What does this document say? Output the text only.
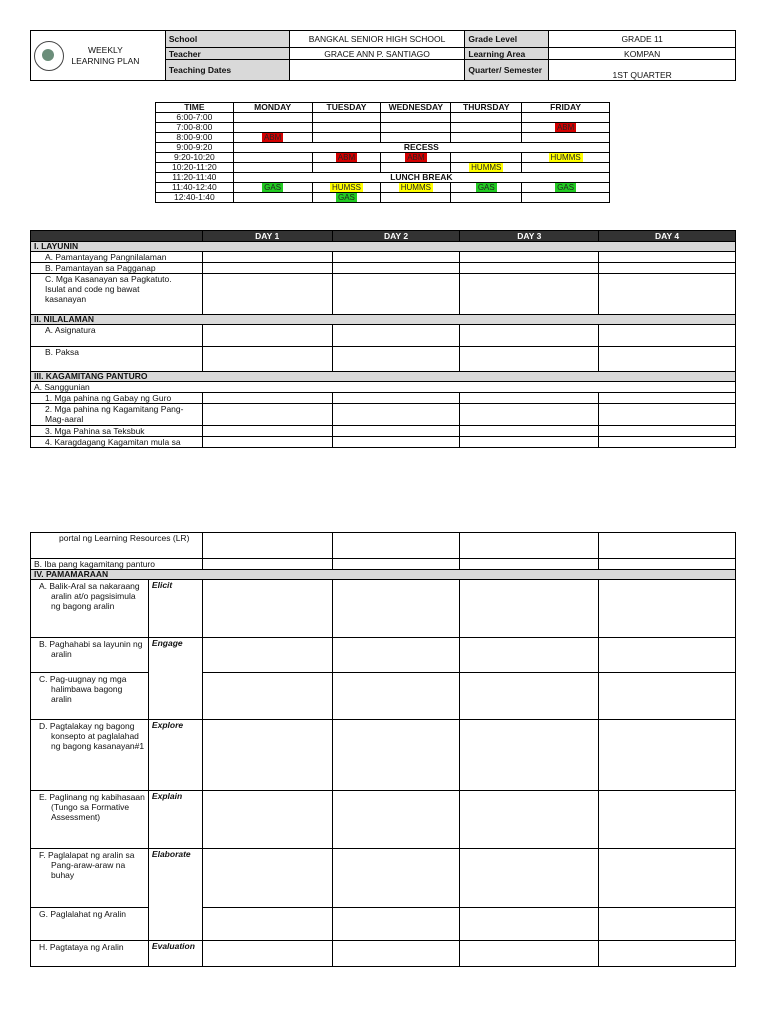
WEEKLY LEARNING PLAN	School	BANGKAL SENIOR HIGH SCHOOL	Grade Level	GRADE 11
	Teacher	GRACE ANN P. SANTIAGO	Learning Area	KOMPAN
	Teaching Dates		Quarter/ Semester	1ST QUARTER
TIME	MONDAY	TUESDAY	WEDNESDAY	THURSDAY	FRIDAY
6:00-7:00					
7:00-8:00					ABM
8:00-9:00	ABM				
9:00-9:20	RECESS				
9:20-10:20		ABM	ABM		HUMMS
10:20-11:20				HUMMS	
11:20-11:40	LUNCH BREAK				
11:40-12:40	GAS	HUMSS	HUMMS	GAS	GAS
12:40-1:40		GAS			
	DAY 1	DAY 2	DAY 3	DAY 4
I. LAYUNIN				
A. Pamantayang Pangnilalaman				
B. Pamantayan sa Pagganap				
C. Mga Kasanayan sa Pagkatuto. Isulat and code ng bawat kasanayan				
II. NILALAMAN				
A. Asignatura				
B. Paksa				
III. KAGAMITANG PANTURO				
A. Sanggunian				
1. Mga pahina ng Gabay ng Guro				
2. Mga pahina ng Kagamitang Pang-Mag-aaral				
3. Mga Pahina sa Teksbuk				
4. Karagdagang Kagamitan mula sa				
portal ng Learning Resources (LR)					
B. Iba pang kagamitang panturo					
IV. PAMAMARAAN					
A. Balik-Aral sa nakaraang aralin at/o pagsisimula ng bagong aralin	Elicit				
B. Paghahabi sa layunin ng aralin	Engage				
C. Pag-uugnay ng mga halimbawa bagong aralin					
D. Pagtalakay ng bagong konsepto at paglalahad ng bagong kasanayan#1	Explore				
E. Paglinang ng kabihasaan (Tungo sa Formative Assessment)	Explain				
F. Paglalapat ng aralin sa Pang-araw-araw na buhay	Elaborate				
G. Paglalahat ng Aralin					
H. Pagtataya ng Aralin	Evaluation				
